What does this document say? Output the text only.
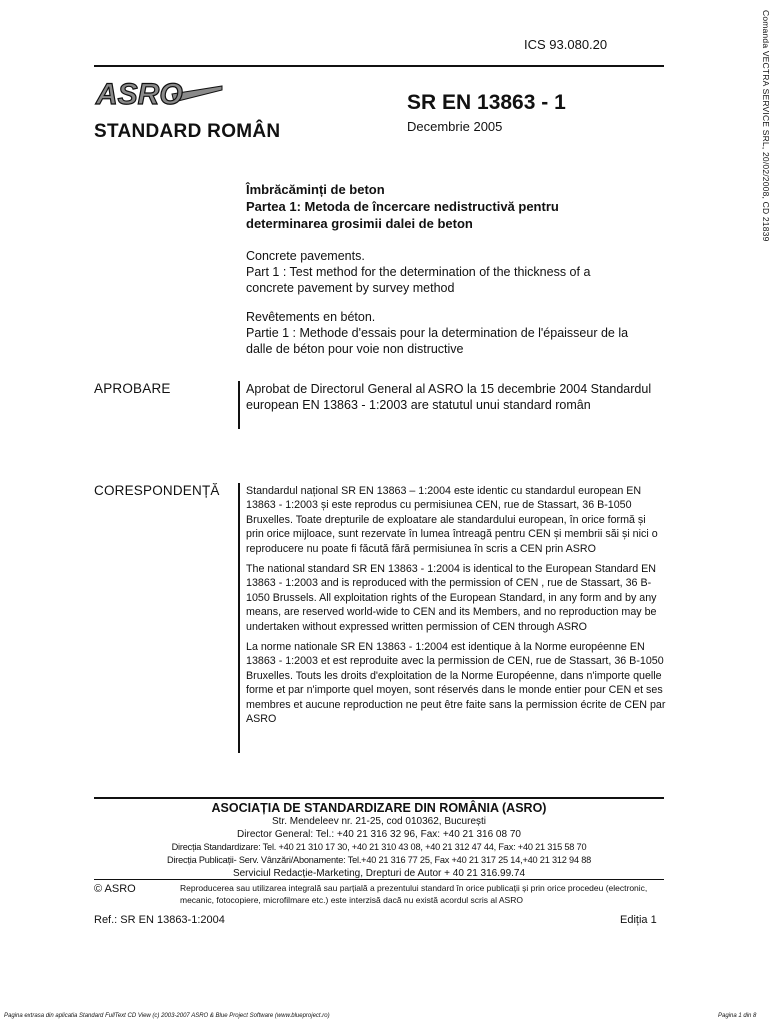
ICS 93.080.20	Comanda VECTRA SERVICE SRL, 20/02/2008, CD 21839
ASRO
STANDARD ROMÂN
SR EN 13863 - 1
Decembrie 2005
Îmbrăcăminți de beton
Partea 1: Metoda de încercare nedistructivă pentru
determinarea grosimii dalei de beton
Concrete pavements.
Part 1 : Test method for the determination of the thickness of a
concrete pavement by survey method
Revêtements en béton.
Partie 1 : Methode d'essais pour la determination de l'épaisseur de la
dalle de béton pour voie non distructive
APROBARE	Aprobat de Directorul General al ASRO la 15 decembrie 2004 Standardul european EN 13863 - 1:2003 are statutul unui standard român
CORESPONDENȚĂ Standardul național SR EN 13863 – 1:2004 este identic cu standardul european EN 13863 - 1:2003 și este reprodus cu permisiunea CEN, rue de Stassart, 36 B-1050 Bruxelles. Toate drepturile de exploatare ale standardului european, în orice formă și prin orice mijloace, sunt rezervate în lumea întreagă pentru CEN și membrii săi și nici o reproducere nu poate fi făcută fără permisiunea în scris a CEN prin ASRO

The national standard SR EN 13863 - 1:2004 is identical to the European Standard EN 13863 - 1:2003 and is reproduced with the permission of CEN , rue de Stassart, 36 B-1050 Brussels. All exploitation rights of the European Standard, in any form and by any means, are reserved world-wide to CEN and its Members, and no reproduction may be undertaken without expressed written permission of CEN through ASRO

La norme nationale SR EN 13863 - 1:2004 est identique à la Norme européenne EN 13863 - 1:2003 et est reproduite avec la permission de CEN, rue de Stassart, 36 B-1050 Bruxelles. Touts les droits d'exploitation de la Norme Européenne, dans n'importe quelle forme et par n'importe quel moyen, sont réservés dans le monde entier pour CEN et ses membres et aucune reproduction ne peut être faite sans la permission écrite de CEN par ASRO

ASOCIAȚIA DE STANDARDIZARE DIN ROMÂNIA (ASRO)
Str. Mendeleev nr. 21-25, cod 010362, București
Director General: Tel.: +40 21 316 32 96, Fax: +40 21 316 08 70
Direcția Standardizare: Tel. +40 21 310 17 30, +40 21 310 43 08, +40 21 312 47 44, Fax: +40 21 315 58 70
Direcția Publicații- Serv. Vânzări/Abonamente: Tel.+40 21 316 77 25, Fax +40 21 317 25 14,+40 21 312 94 88
Serviciul Redacție-Marketing, Drepturi de Autor + 40 21 316.99.74
© ASRO	Reproducerea sau utilizarea integrală sau parțială a prezentului standard în orice publicații și prin orice procedeu (electronic, mecanic, fotocopiere, microfilmare etc.) este interzisă dacă nu există acordul scris al ASRO
Ref.: SR EN 13863-1:2004	Ediția 1
Pagina extrasa din aplicatia Standard FullText CD View (c) 2003-2007 ASRO & Blue Project Software (www.blueproject.ro)	Pagina 1 din 8
